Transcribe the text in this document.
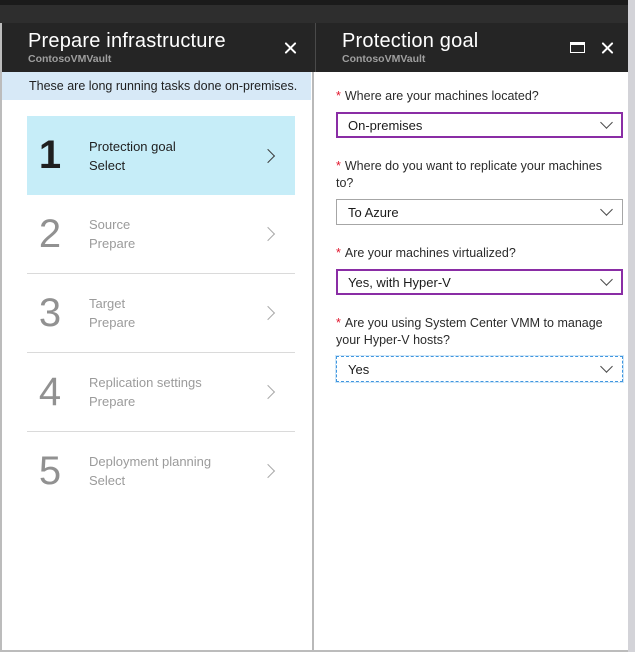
Prepare infrastructure
ContosoVMVault
These are long running tasks done on-premises.
1	Protection goal
Select
2	Source
Prepare
3	Target
Prepare
4	Replication settings
Prepare
5	Deployment planning
Select
Protection goal
ContosoVMVault
* Where are your machines located?
On-premises
* Where do you want to replicate your machines to?
To Azure
* Are your machines virtualized?
Yes, with Hyper-V
* Are you using System Center VMM to manage your Hyper-V hosts?
Yes
